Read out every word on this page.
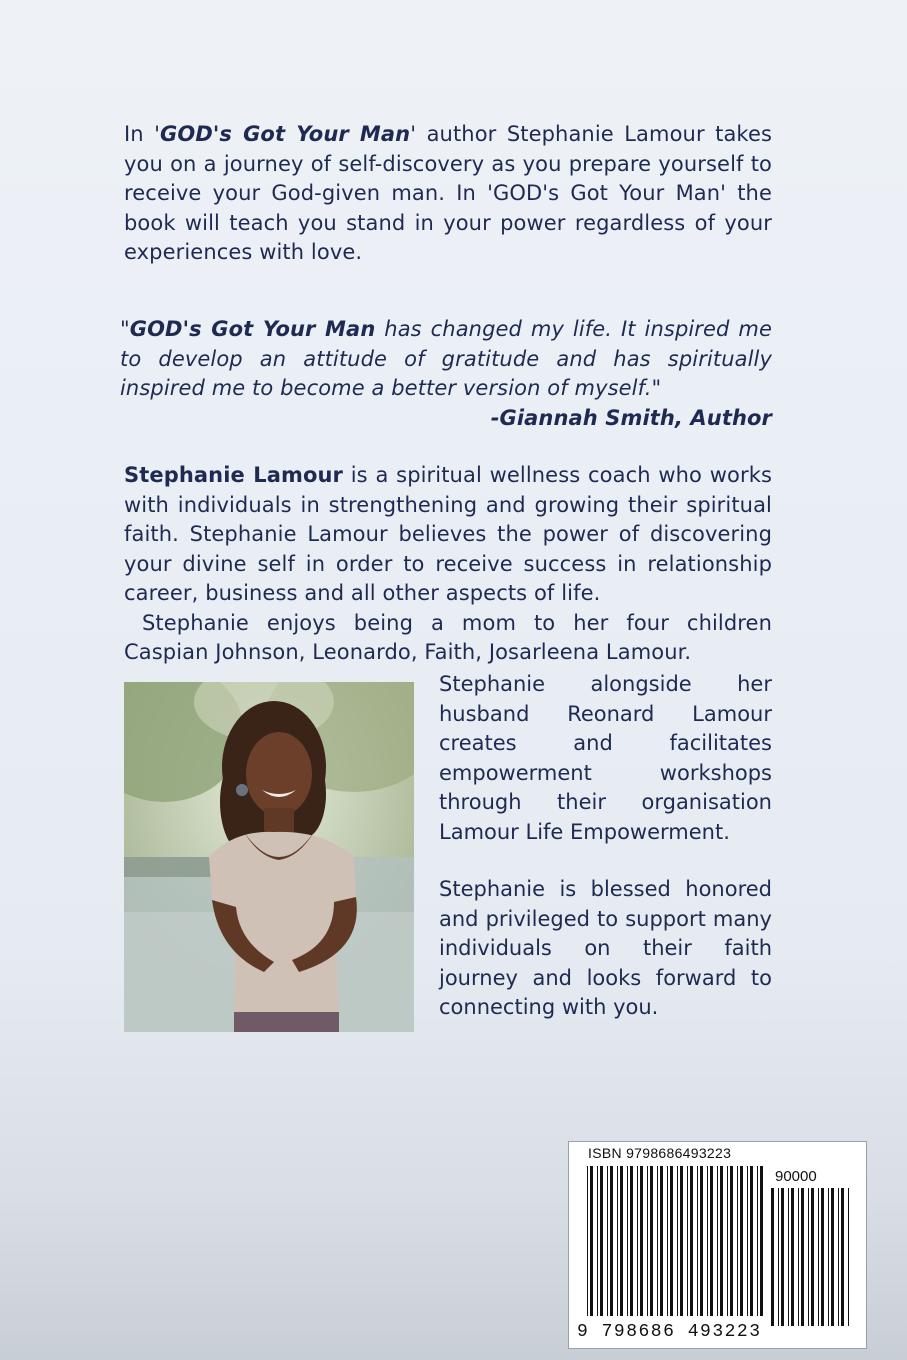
In 'GOD's Got Your Man' author Stephanie Lamour takes you on a journey of self-discovery as you prepare yourself to receive your God-given man. In 'GOD's Got Your Man' the book will teach you stand in your power regardless of your experiences with love.

"GOD's Got Your Man has changed my life. It inspired me to develop an attitude of gratitude and has spiritually inspired me to become a better version of myself."
-Giannah Smith, Author

Stephanie Lamour is a spiritual wellness coach who works with individuals in strengthening and growing their spiritual faith. Stephanie Lamour believes the power of discovering your divine self in order to receive success in relationship career, business and all other aspects of life.
Stephanie enjoys being a mom to her four children Caspian Johnson, Leonardo, Faith, Josarleena Lamour.

Stephanie alongside her husband Reonard Lamour creates and facilitates empowerment workshops through their organisation Lamour Life Empowerment.

Stephanie is blessed honored and privileged to support many individuals on their faith journey and looks forward to connecting with you.

ISBN 9798686493223
90000
9 798686 493223
